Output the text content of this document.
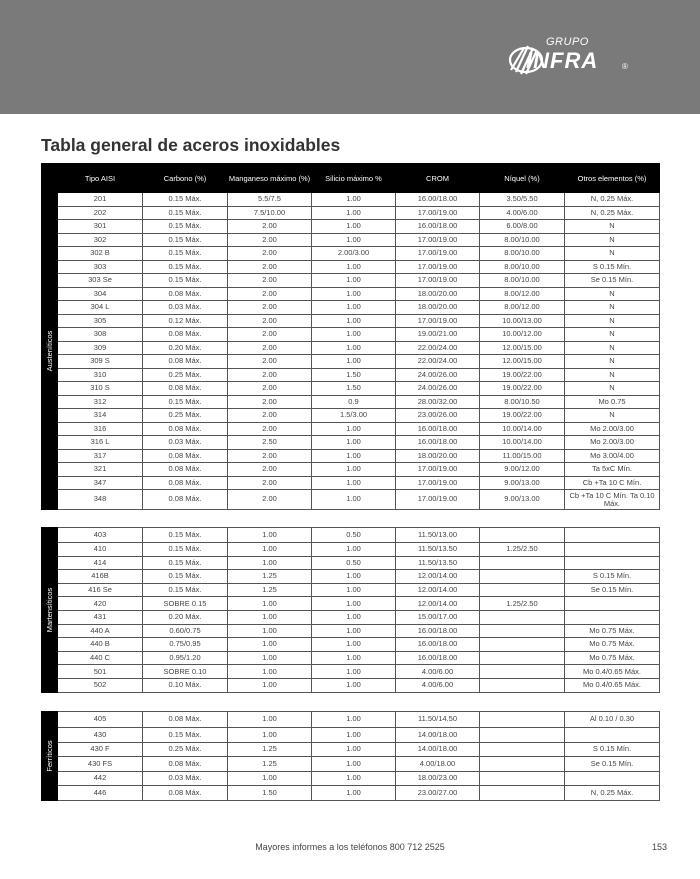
GRUPO
INFRA	®
Tabla general de aceros inoxidables
	Tipo AISI	Carbono (%)	Manganeso máximo (%)	Silicio máximo %	CROM	Níquel (%)	Otros elementos (%)

Austeníticos	201	0.15 Máx.	5.5/7.5	1.00	16.00/18.00	3.50/5.50	N, 0.25 Máx.
	202	0.15 Máx.	7.5/10.00	1.00	17.00/19.00	4.00/6.00	N, 0.25 Máx.
	301	0.15 Máx.	2.00	1.00	16.00/18.00	6.00/8.00	N
	302	0.15 Máx.	2.00	1.00	17.00/19.00	8.00/10.00	N
	302 B	0.15 Máx.	2.00	2.00/3.00	17.00/19.00	8.00/10.00	N
	303	0.15 Máx.	2.00	1.00	17.00/19.00	8.00/10.00	S 0.15 Mín.
	303 Se	0.15 Máx.	2.00	1.00	17.00/19.00	8.00/10.00	Se 0.15 Mín.
	304	0.08 Máx.	2.00	1.00	18.00/20.00	8.00/12.00	N
	304 L	0.03 Máx.	2.00	1.00	18.00/20.00	8.00/12.00	N
	305	0.12 Máx.	2.00	1.00	17.00/19.00	10.00/13.00	N
	308	0.08 Máx.	2.00	1.00	19.00/21.00	10.00/12.00	N
	309	0.20 Máx.	2.00	1.00	22.00/24.00	12.00/15.00	N
	309 S	0.08 Máx.	2.00	1.00	22.00/24.00	12.00/15.00	N
	310	0.25 Máx.	2.00	1.50	24.00/26.00	19.00/22.00	N
	310 S	0.08 Máx.	2.00	1.50	24.00/26.00	19.00/22.00	N
	312	0.15 Máx.	2.00	0.9	28.00/32.00	8.00/10.50	Mo 0.75
	314	0.25 Máx.	2.00	1.5/3.00	23.00/26.00	19.00/22.00	N
	316	0.08 Máx.	2.00	1.00	16.00/18.00	10.00/14.00	Mo 2.00/3.00
	316 L	0.03 Máx.	2.50	1.00	16.00/18.00	10.00/14.00	Mo 2.00/3.00
	317	0.08 Máx.	2.00	1.00	18.00/20.00	11.00/15.00	Mo 3.00/4.00
	321	0.08 Máx.	2.00	1.00	17.00/19.00	9.00/12.00	Ta 5xC Mín.
	347	0.08 Máx.	2.00	1.00	17.00/19.00	9.00/13.00	Cb +Ta 10 C Mín.
	348	0.08 Máx.	2.00	1.00	17.00/19.00	9.00/13.00	Cb +Ta 10 C Mín. Ta 0.10 Máx.
Martensíticos	403	0.15 Máx.	1.00	0.50	11.50/13.00		
	410	0.15 Máx.	1.00	1.00	11.50/13.50	1.25/2.50	
	414	0.15 Máx.	1.00	0.50	11.50/13.50		
	416B	0.15 Máx.	1.25	1.00	12.00/14.00		S 0.15 Mín.
	416 Se	0.15 Máx.	1.25	1.00	12.00/14.00		Se 0.15 Mín.
	420	SOBRE 0.15	1.00	1.00	12.00/14.00	1.25/2.50	
	431	0.20 Máx.	1.00	1.00	15.00/17.00		
	440 A	0.60/0.75	1.00	1.00	16.00/18.00		Mo 0.75 Máx.
	440 B	0.75/0.95	1.00	1.00	16.00/18.00		Mo 0.75 Máx.
	440 C	0.95/1.20	1.00	1.00	16.00/18.00		Mo 0.75 Máx.
	501	SOBRE 0.10	1.00	1.00	4.00/6.00		Mo 0.4/0.65 Máx.
	502	0.10 Máx.	1.00	1.00	4.00/6.00		Mo 0.4/0.65 Máx.
Ferríticos	405	0.08 Máx.	1.00	1.00	11.50/14.50		Al 0.10 / 0.30
	430	0.15 Máx.	1.00	1.00	14.00/18.00		
	430 F	0.25 Máx.	1.25	1.00	14.00/18.00		S 0.15 Mín.
	430 FS	0.08 Máx.	1.25	1.00	4.00/18.00		Se 0.15 Mín.
	442	0.03 Máx.	1.00	1.00	18.00/23.00		
	446	0.08 Máx.	1.50	1.00	23.00/27.00		N, 0.25 Máx.
Mayores informes a los teléfonos 800 712 2525	153
